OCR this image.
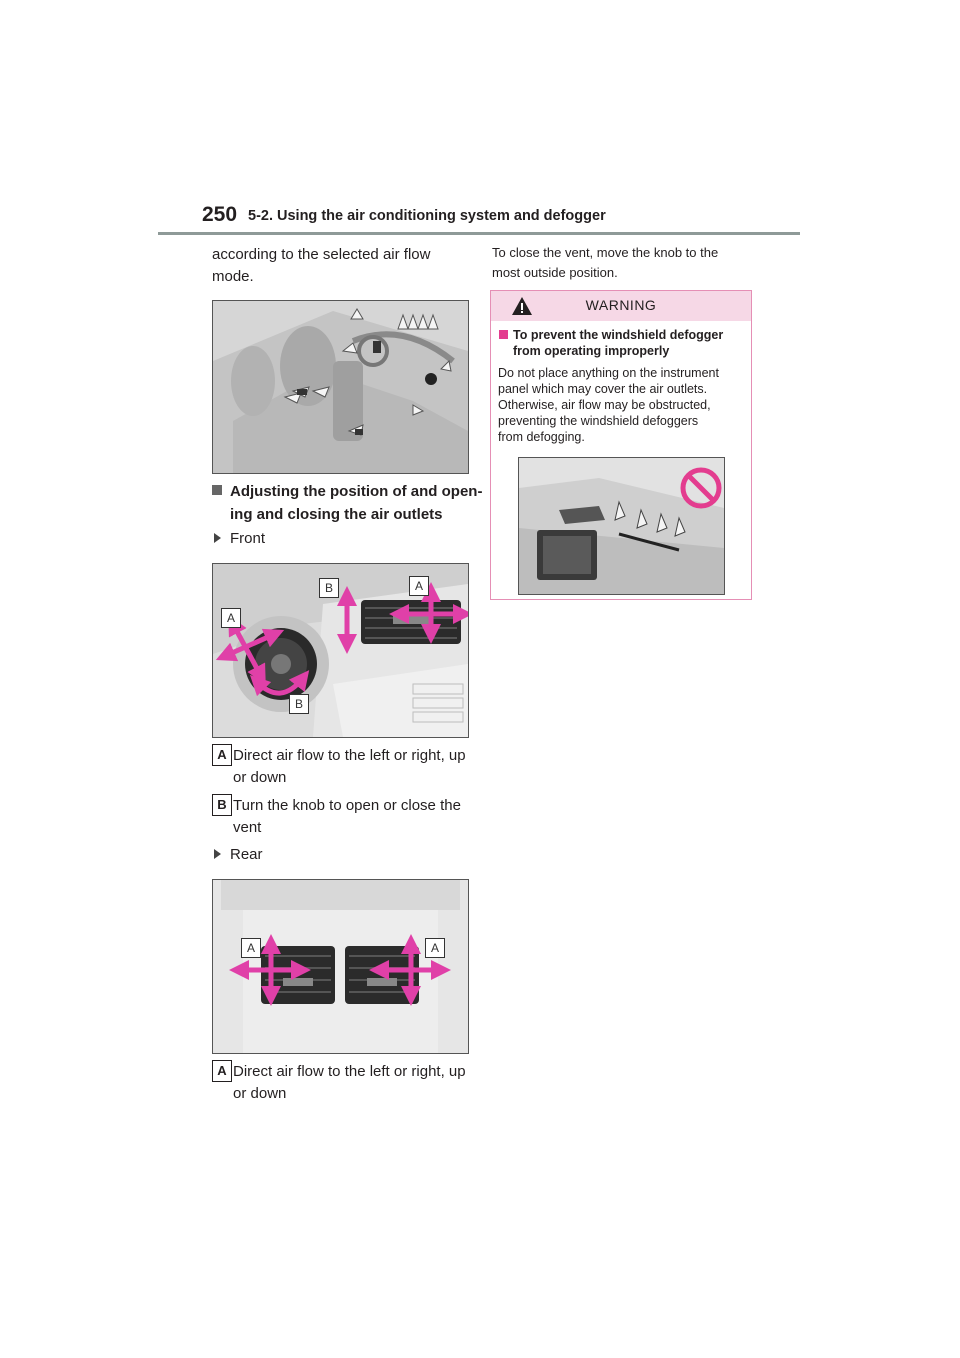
250 5-2. Using the air conditioning system and defogger
according to the selected air flow
mode.
Adjusting the position of and open-
ing and closing the air outlets
Front
B	A
A
B
A Direct air flow to the left or right, up
or down
B Turn the knob to open or close the
vent
Rear
A	A
A Direct air flow to the left or right, up
or down
To close the vent, move the knob to the
most outside position.
WARNING
To prevent the windshield defogger
from operating improperly
Do not place anything on the instrument
panel which may cover the air outlets.
Otherwise, air flow may be obstructed,
preventing the windshield defoggers
from defogging.
